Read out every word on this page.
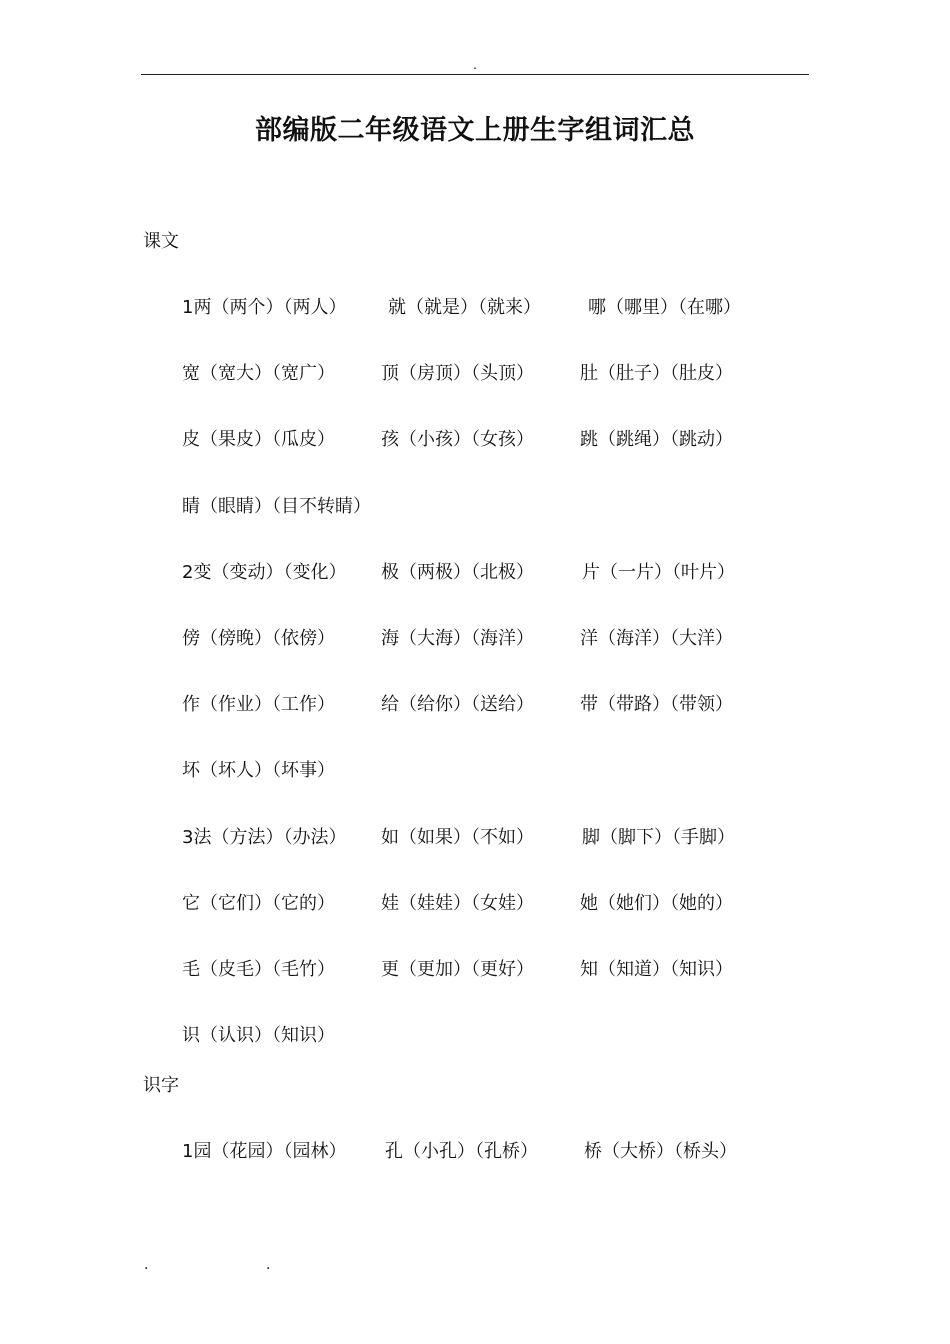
.
部编版二年级语文上册生字组词汇总
课文
1两（两个）（两人） 就（就是）（就来）	哪（哪里）（在哪）
宽（宽大）（宽广）	顶（房顶）（头顶）	肚（肚子）（肚皮）
皮（果皮）（瓜皮）	孩（小孩）（女孩）	跳（跳绳）（跳动）
睛（眼睛）（目不转睛）
2变（变动）（变化） 极（两极）（北极）	片（一片）（叶片）
傍（傍晚）（依傍）	海（大海）（海洋）	洋（海洋）（大洋）
作（作业）（工作）	给（给你）（送给）	带（带路）（带领）
坏（坏人）（坏事）
3法（方法）（办法） 如（如果）（不如）	脚（脚下）（手脚）
它（它们）（它的）	娃（娃娃）（女娃）	她（她们）（她的）
毛（皮毛）（毛竹）	更（更加）（更好）	知（知道）（知识）
识（认识）（知识）
识字
1园（花园）（园林） 孔（小孔）（孔桥）	桥（大桥）（桥头）
.	.
